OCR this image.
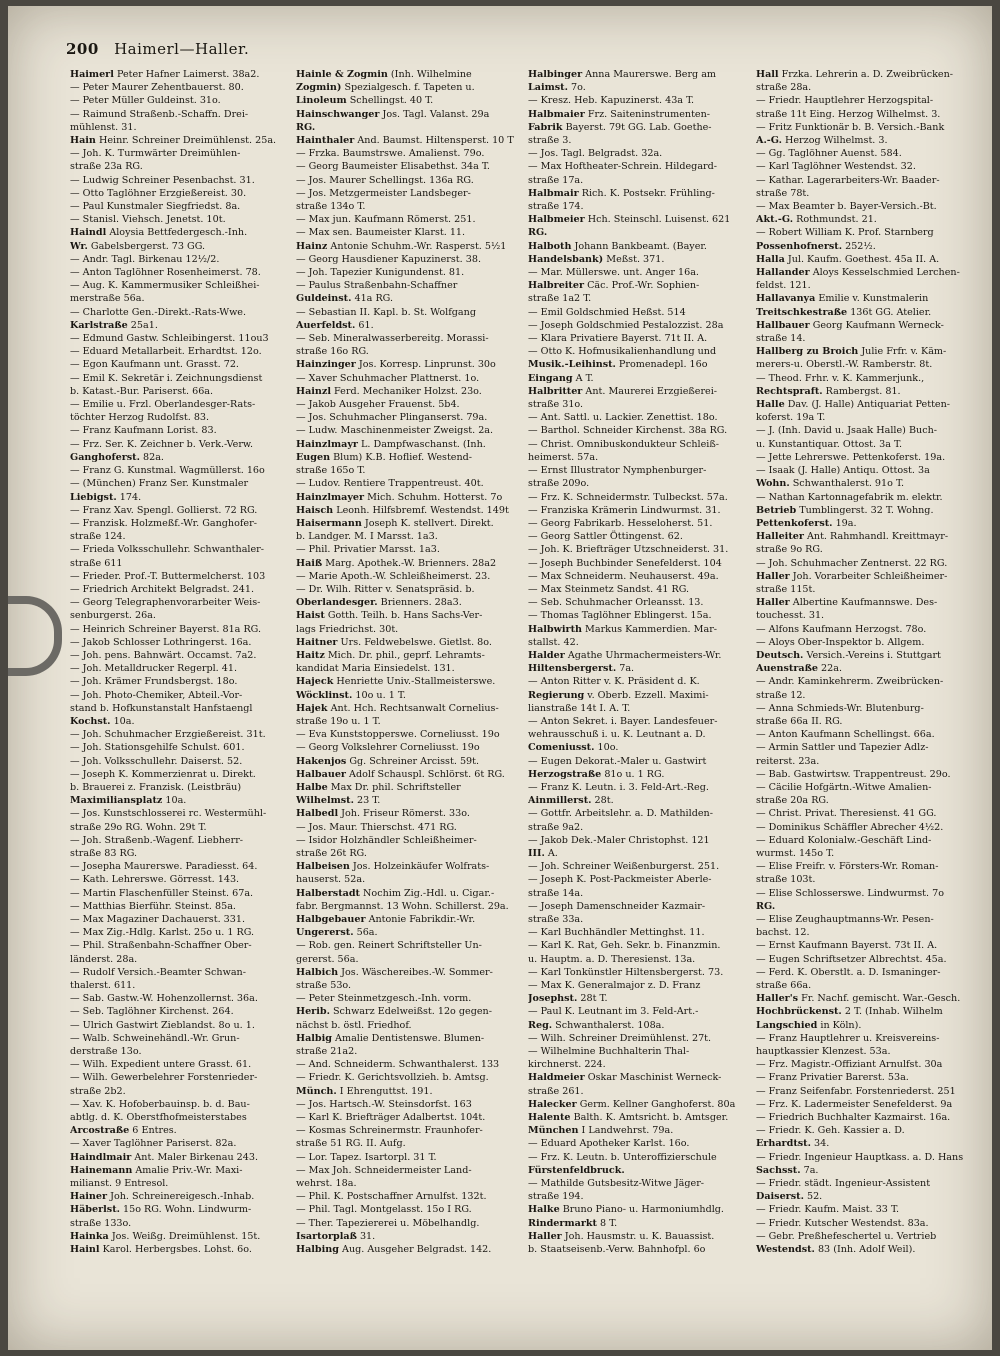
200 Haimerl—Haller.
Haimerl Peter Hafner Laimerst. 38a2.
— Peter Maurer Zehentbauerst. 80.
— Peter Müller Guldeinst. 31o.
— Raimund Straßenb.-Schaffn. Drei-
mühlenst. 31.
Hain Heinr. Schreiner Dreimühlenst. 25a.
— Joh. K. Turmwärter Dreimühlen-
straße 23a RG.
— Ludwig Schreiner Pesenbachst. 31.
— Otto Taglöhner Erzgießereist. 30.
— Paul Kunstmaler Siegfriedst. 8a.
— Stanisl. Viehsch. Jenetst. 10t.
Haindl Aloysia Bettfedergesch.-Inh.
Wr. Gabelsbergerst. 73 GG.
— Andr. Tagl. Birkenau 12½/2.
— Anton Taglöhner Rosenheimerst. 78.
— Aug. K. Kammermusiker Schleißhei-
merstraße 56a.
— Charlotte Gen.-Direkt.-Rats-Wwe.
Karlstraße 25a1.
— Edmund Gastw. Schleibingerst. 11ou3
— Eduard Metallarbeit. Erhardtst. 12o.
— Egon Kaufmann unt. Grasst. 72.
— Emil K. Sekretär i. Zeichnungsdienst
b. Katast.-Bur. Pariserst. 66a.
— Emilie u. Frzl. Oberlandesger-Rats-
töchter Herzog Rudolfst. 83.
— Franz Kaufmann Lorist. 83.
— Frz. Ser. K. Zeichner b. Verk.-Verw.
Ganghoferst. 82a.
— Franz G. Kunstmal. Wagmüllerst. 16o
— (München) Franz Ser. Kunstmaler
Liebigst. 174.
— Franz Xav. Spengl. Gollierst. 72 RG.
— Franzisk. Holzmeßf.-Wr. Ganghofer-
straße 124.
— Frieda Volksschullehr. Schwanthaler-
straße 611
— Frieder. Prof.-T. Buttermelcherst. 103
— Friedrich Architekt Belgradst. 241.
— Georg Telegraphenvorarbeiter Weis-
senburgerst. 26a.
— Heinrich Schreiner Bayerst. 81a RG.
— Jakob Schlosser Lothringerst. 16a.
— Joh. pens. Bahnwärt. Occamst. 7a2.
— Joh. Metalldrucker Regerpl. 41.
— Joh. Krämer Frundsbergst. 18o.
— Joh. Photo-Chemiker, Abteil.-Vor-
stand b. Hofkunstanstalt Hanfstaengl
Kochst. 10a.
— Joh. Schuhmacher Erzgießereist. 31t.
— Joh. Stationsgehilfe Schulst. 601.
— Joh. Volksschullehr. Daiserst. 52.
— Joseph K. Kommerzienrat u. Direkt.
b. Brauerei z. Franzisk. (Leistbräu)
Maximiliansplatz 10a.
— Jos. Kunstschlosserei rc. Westermühl-
straße 29o RG. Wohn. 29t T.
— Joh. Straßenb.-Wagenf. Liebherr-
straße 83 RG.
— Josepha Maurerswe. Paradiesst. 64.
— Kath. Lehrerswe. Görresst. 143.
— Martin Flaschenfüller Steinst. 67a.
— Matthias Bierführ. Steinst. 85a.
— Max Magaziner Dachauerst. 331.
— Max Zig.-Hdlg. Karlst. 25o u. 1 RG.
— Phil. Straßenbahn-Schaffner Ober-
länderst. 28a.
— Rudolf Versich.-Beamter Schwan-
thalerst. 611.
— Sab. Gastw.-W. Hohenzollernst. 36a.
— Seb. Taglöhner Kirchenst. 264.
— Ulrich Gastwirt Zieblandst. 8o u. 1.
— Walb. Schweinehändl.-Wr. Grun-
derstraße 13o.
— Wilh. Expedient untere Grasst. 61.
— Wilh. Gewerbelehrer Forstenrieder-
straße 2b2.
— Xav. K. Hofoberbauinsp. b. d. Bau-
abtlg. d. K. Oberstfhofmeisterstabes
Arcostraße 6 Entres.
— Xaver Taglöhner Pariserst. 82a.
Haindlmair Ant. Maler Birkenau 243.
Hainemann Amalie Priv.-Wr. Maxi-
milianst. 9 Entresol.
Hainer Joh. Schreinereigesch.-Inhab.
Häberlst. 15o RG. Wohn. Lindwurm-
straße 133o.
Hainka Jos. Weißg. Dreimühlenst. 15t.
Hainl Karol. Herbergsbes. Lohst. 6o.
Hainle & Zogmin (Inh. Wilhelmine
Zogmin) Spezialgesch. f. Tapeten u.
Linoleum Schellingst. 40 T.
Hainschwanger Jos. Tagl. Valanst. 29a
RG.
Hainthaler And. Baumst. Hiltensperst. 10 T
— Frzka. Baumstrswe. Amalienst. 79o.
— Georg Baumeister Elisabethst. 34a T.
— Jos. Maurer Schellingst. 136a RG.
— Jos. Metzgermeister Landsbeger-
straße 134o T.
— Max jun. Kaufmann Römerst. 251.
— Max sen. Baumeister Klarst. 11.
Hainz Antonie Schuhm.-Wr. Rasperst. 5½1
— Georg Hausdiener Kapuzinerst. 38.
— Joh. Tapezier Kunigundenst. 81.
— Paulus Straßenbahn-Schaffner
Guldeinst. 41a RG.
— Sebastian II. Kapl. b. St. Wolfgang
Auerfeldst. 61.
— Seb. Mineralwasserbereitg. Morassi-
straße 16o RG.
Hainzinger Jos. Korresp. Linprunst. 30o
— Xaver Schuhmacher Plattnerst. 1o.
Hainzl Ferd. Mechaniker Holzst. 23o.
— Jakob Ausgeher Frauenst. 5b4.
— Jos. Schuhmacher Plinganserst. 79a.
— Ludw. Maschinenmeister Zweigst. 2a.
Hainzlmayr L. Dampfwaschanst. (Inh.
Eugen Blum) K.B. Hoflief. Westend-
straße 165o T.
— Ludov. Rentiere Trappentreust. 40t.
Hainzlmayer Mich. Schuhm. Hotterst. 7o
Haisch Leonh. Hilfsbremf. Westendst. 149t
Haisermann Joseph K. stellvert. Direkt.
b. Landger. M. I Marsst. 1a3.
— Phil. Privatier Marsst. 1a3.
Haiß Marg. Apothek.-W. Brienners. 28a2
— Marie Apoth.-W. Schleißheimerst. 23.
— Dr. Wilh. Ritter v. Senatspräsid. b.
Oberlandesger. Brienners. 28a3.
Haist Gotth. Teilh. b. Hans Sachs-Ver-
lags Friedrichst. 30t.
Haitner Urs. Feldwebelswe. Gietlst. 8o.
Haitz Mich. Dr. phil., geprf. Lehramts-
kandidat Maria Einsiedelst. 131.
Hajeck Henriette Univ.-Stallmeisterswe.
Wöcklinst. 10o u. 1 T.
Hajek Ant. Hch. Rechtsanwalt Cornelius-
straße 19o u. 1 T.
— Eva Kunststopperswe. Corneliusst. 19o
— Georg Volkslehrer Corneliusst. 19o
Hakenjos Gg. Schreiner Arcisst. 59t.
Halbauer Adolf Schauspl. Schlörst. 6t RG.
Halbe Max Dr. phil. Schriftsteller
Wilhelmst. 23 T.
Halbedl Joh. Friseur Römerst. 33o.
— Jos. Maur. Thierschst. 471 RG.
— Isidor Holzhändler Schleißheimer-
straße 26t RG.
Halbeisen Jos. Holzeinkäufer Wolfrats-
hauserst. 52a.
Halberstadt Nochim Zig.-Hdl. u. Cigar.-
fabr. Bergmannst. 13 Wohn. Schillerst. 29a.
Halbgebauer Antonie Fabrikdir.-Wr.
Ungererst. 56a.
— Rob. gen. Reinert Schriftsteller Un-
gererst. 56a.
Halbich Jos. Wäschereibes.-W. Sommer-
straße 53o.
— Peter Steinmetzgesch.-Inh. vorm.
Herib. Schwarz Edelweißst. 12o gegen-
nächst b. östl. Friedhof.
Halbig Amalie Dentistenswe. Blumen-
straße 21a2.
— And. Schneiderm. Schwanthalerst. 133
— Friedr. K. Gerichtsvollzieh. b. Amtsg.
Münch. I Ehrenguttst. 191.
— Jos. Hartsch.-W. Steinsdorfst. 163
— Karl K. Briefträger Adalbertst. 104t.
— Kosmas Schreinermstr. Fraunhofer-
straße 51 RG. II. Aufg.
— Lor. Tapez. Isartorpl. 31 T.
— Max Joh. Schneidermeister Land-
wehrst. 18a.
— Phil. K. Postschaffner Arnulfst. 132t.
— Phil. Tagl. Montgelasst. 15o I RG.
— Ther. Tapeziererei u. Möbelhandlg.
Isartorplaß 31.
Halbing Aug. Ausgeher Belgradst. 142.
Halbinger Anna Maurerswe. Berg am
Laimst. 7o.
— Kresz. Heb. Kapuzinerst. 43a T.
Halbmaier Frz. Saiteninstrumenten-
Fabrik Bayerst. 79t GG. Lab. Goethe-
straße 3.
— Jos. Tagl. Belgradst. 32a.
— Max Hoftheater-Schrein. Hildegard-
straße 17a.
Halbmair Rich. K. Postsekr. Frühling-
straße 174.
Halbmeier Hch. Steinschl. Luisenst. 621
RG.
Halboth Johann Bankbeamt. (Bayer.
Handelsbank) Meßst. 371.
— Mar. Müllerswe. unt. Anger 16a.
Halbreiter Cäc. Prof.-Wr. Sophien-
straße 1a2 T.
— Emil Goldschmied Heßst. 514
— Joseph Goldschmied Pestalozzist. 28a
— Klara Privatiere Bayerst. 71t II. A.
— Otto K. Hofmusikalienhandlung und
Musik.-Leihinst. Promenadepl. 16o
Eingang A T.
Halbritter Ant. Maurerei Erzgießerei-
straße 31o.
— Ant. Sattl. u. Lackier. Zenettist. 18o.
— Barthol. Schneider Kirchenst. 38a RG.
— Christ. Omnibuskondukteur Schleiß-
heimerst. 57a.
— Ernst Illustrator Nymphenburger-
straße 209o.
— Frz. K. Schneidermstr. Tulbeckst. 57a.
— Franziska Krämerin Lindwurmst. 31.
— Georg Fabrikarb. Hesseloherst. 51.
— Georg Sattler Öttingenst. 62.
— Joh. K. Briefträger Utzschneiderst. 31.
— Joseph Buchbinder Senefelderst. 104
— Max Schneiderm. Neuhauserst. 49a.
— Max Steinmetz Sandst. 41 RG.
— Seb. Schuhmacher Orleansst. 13.
— Thomas Taglöhner Eblingerst. 15a.
Halbwirth Markus Kammerdien. Mar-
stallst. 42.
Halder Agathe Uhrmachermeisters-Wr.
Hiltensbergerst. 7a.
— Anton Ritter v. K. Präsident d. K.
Regierung v. Oberb. Ezzell. Maximi-
lianstraße 14t I. A. T.
— Anton Sekret. i. Bayer. Landesfeuer-
wehrausschuß i. u. K. Leutnant a. D.
Comeniusst. 10o.
— Eugen Dekorat.-Maler u. Gastwirt
Herzogstraße 81o u. 1 RG.
— Franz K. Leutn. i. 3. Feld-Art.-Reg.
Ainmillerst. 28t.
— Gottfr. Arbeitslehr. a. D. Mathilden-
straße 9a2.
— Jakob Dek.-Maler Christophst. 121
III. A.
— Joh. Schreiner Weißenburgerst. 251.
— Joseph K. Post-Packmeister Aberle-
straße 14a.
— Joseph Damenschneider Kazmair-
straße 33a.
— Karl Buchhändler Mettinghst. 11.
— Karl K. Rat, Geh. Sekr. b. Finanzmin.
u. Hauptm. a. D. Theresienst. 13a.
— Karl Tonkünstler Hiltensbergerst. 73.
— Max K. Generalmajor z. D. Franz
Josephst. 28t T.
— Paul K. Leutnant im 3. Feld-Art.-
Reg. Schwanthalerst. 108a.
— Wilh. Schreiner Dreimühlenst. 27t.
— Wilhelmine Buchhalterin Thal-
kirchnerst. 224.
Haldmeier Oskar Maschinist Werneck-
straße 261.
Halecker Germ. Kellner Ganghoferst. 80a
Halente Balth. K. Amtsricht. b. Amtsger.
München I Landwehrst. 79a.
— Eduard Apotheker Karlst. 16o.
— Frz. K. Leutn. b. Unteroffizierschule
Fürstenfeldbruck.
— Mathilde Gutsbesitz-Witwe Jäger-
straße 194.
Halke Bruno Piano- u. Harmoniumhdlg.
Rindermarkt 8 T.
Haller Joh. Hausmstr. u. K. Bauassist.
b. Staatseisenb.-Verw. Bahnhofpl. 6o
Hall Frzka. Lehrerin a. D. Zweibrücken-
straße 28a.
— Friedr. Hauptlehrer Herzogspital-
straße 11t Eing. Herzog Wilhelmst. 3.
— Fritz Funktionär b. B. Versich.-Bank
A.-G. Herzog Wilhelmst. 3.
— Gg. Taglöhner Auenst. 584.
— Karl Taglöhner Westendst. 32.
— Kathar. Lagerarbeiters-Wr. Baader-
straße 78t.
— Max Beamter b. Bayer-Versich.-Bt.
Akt.-G. Rothmundst. 21.
— Robert William K. Prof. Starnberg
Possenhofnerst. 252½.
Halla Jul. Kaufm. Goethest. 45a II. A.
Hallander Aloys Kesselschmied Lerchen-
feldst. 121.
Hallavanya Emilie v. Kunstmalerin
Treitschkestraße 136t GG. Atelier.
Hallbauer Georg Kaufmann Werneck-
straße 14.
Hallberg zu Broich Julie Frfr. v. Käm-
merers-u. Oberstl.-W. Ramberstr. 8t.
— Theod. Frhr. v. K. Kammerjunk.,
Rechtspraft. Rambergst. 81.
Halle Dav. (J. Halle) Antiquariat Petten-
koferst. 19a T.
— J. (Inh. David u. Jsaak Halle) Buch-
u. Kunstantiquar. Ottost. 3a T.
— Jette Lehrerswe. Pettenkoferst. 19a.
— Isaak (J. Halle) Antiqu. Ottost. 3a
Wohn. Schwanthalerst. 91o T.
— Nathan Kartonnagefabrik m. elektr.
Betrieb Tumblingerst. 32 T. Wohng.
Pettenkoferst. 19a.
Halleiter Ant. Rahmhandl. Kreittmayr-
straße 9o RG.
— Joh. Schuhmacher Zentnerst. 22 RG.
Haller Joh. Vorarbeiter Schleißheimer-
straße 115t.
Haller Albertine Kaufmannswe. Des-
touchesst. 31.
— Alfons Kaufmann Herzogst. 78o.
— Aloys Ober-Inspektor b. Allgem.
Deutsch. Versich.-Vereins i. Stuttgart
Auenstraße 22a.
— Andr. Kaminkehrerm. Zweibrücken-
straße 12.
— Anna Schmieds-Wr. Blutenburg-
straße 66a II. RG.
— Anton Kaufmann Schellingst. 66a.
— Armin Sattler und Tapezier Adlz-
reiterst. 23a.
— Bab. Gastwirtsw. Trappentreust. 29o.
— Cäcilie Hofgärtn.-Witwe Amalien-
straße 20a RG.
— Christ. Privat. Theresienst. 41 GG.
— Dominikus Schäffler Abrecher 4½2.
— Eduard Kolonialw.-Geschäft Lind-
wurmst. 145o T.
— Elise Freifr. v. Försters-Wr. Roman-
straße 103t.
— Elise Schlosserswe. Lindwurmst. 7o
RG.
— Elise Zeughauptmanns-Wr. Pesen-
bachst. 12.
— Ernst Kaufmann Bayerst. 73t II. A.
— Eugen Schriftsetzer Albrechtst. 45a.
— Ferd. K. Oberstlt. a. D. Ismaninger-
straße 66a.
Haller's Fr. Nachf. gemischt. War.-Gesch.
Hochbrückenst. 2 T. (Inhab. Wilhelm
Langschied in Köln).
— Franz Hauptlehrer u. Kreisvereins-
hauptkassier Klenzest. 53a.
— Frz. Magistr.-Offiziant Arnulfst. 30a
— Franz Privatier Barerst. 53a.
— Franz Seifenfabr. Forstenriederst. 251
— Frz. K. Ladermeister Senefelderst. 9a
— Friedrich Buchhalter Kazmairst. 16a.
— Friedr. K. Geh. Kassier a. D.
Erhardtst. 34.
— Friedr. Ingenieur Hauptkass. a. D. Hans
Sachsst. 7a.
— Friedr. städt. Ingenieur-Assistent
Daiserst. 52.
— Friedr. Kaufm. Maist. 33 T.
— Friedr. Kutscher Westendst. 83a.
— Gebr. Preßhefeschertel u. Vertrieb
Westendst. 83 (Inh. Adolf Weil).
